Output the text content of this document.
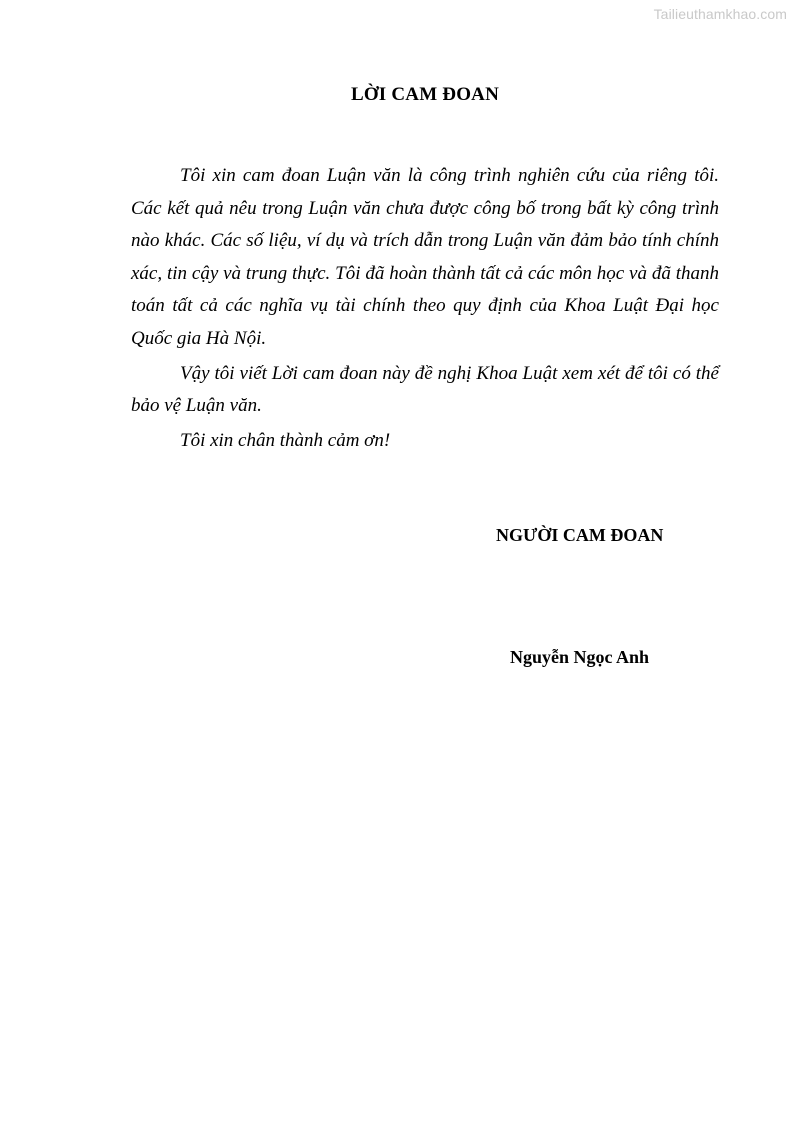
Tailieuthamkhao.com
LỜI CAM ĐOAN

Tôi xin cam đoan Luận văn là công trình nghiên cứu của riêng tôi. Các kết quả nêu trong Luận văn chưa được công bố trong bất kỳ công trình nào khác. Các số liệu, ví dụ và trích dẫn trong Luận văn đảm bảo tính chính xác, tin cậy và trung thực. Tôi đã hoàn thành tất cả các môn học và đã thanh toán tất cả các nghĩa vụ tài chính theo quy định của Khoa Luật Đại học Quốc gia Hà Nội.

Vậy tôi viết Lời cam đoan này đề nghị Khoa Luật xem xét để tôi có thể bảo vệ Luận văn.

Tôi xin chân thành cảm ơn!

NGƯỜI CAM ĐOAN
Nguyễn Ngọc Anh
